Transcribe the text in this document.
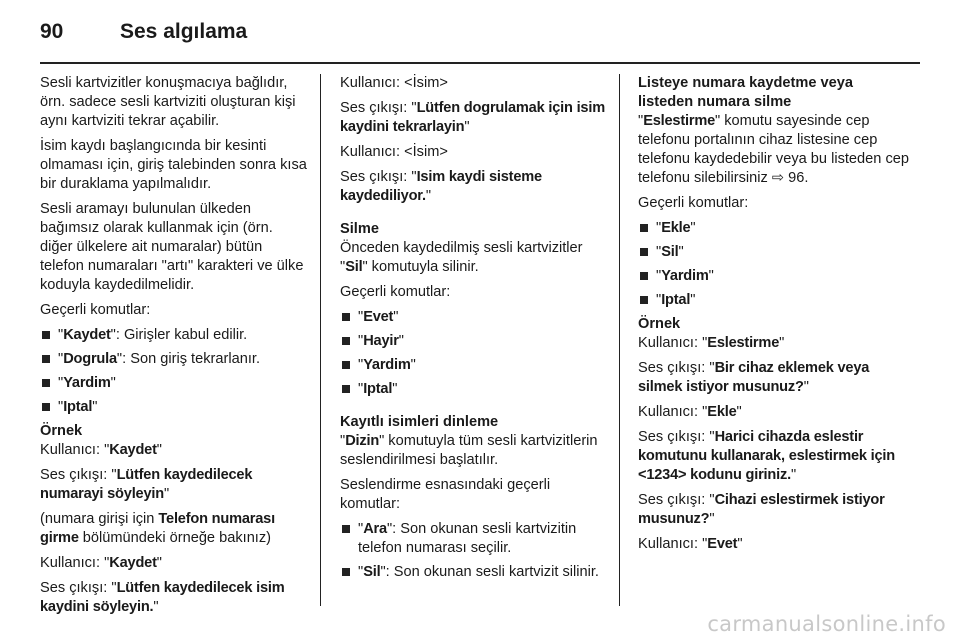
90	Ses algılama

Sesli kartvizitler konuşmacıya bağlıdır, örn. sadece sesli kartviziti oluşturan kişi aynı kartviziti tekrar açabilir.

İsim kaydı başlangıcında bir kesinti olmaması için, giriş talebinden sonra kısa bir duraklama yapılmalıdır.

Sesli aramayı bulunulan ülkeden bağımsız olarak kullanmak için (örn. diğer ülkelere ait numaralar) bütün telefon numaraları "artı" karakteri ve ülke koduyla kaydedilmelidir.

Geçerli komutlar:

"Kaydet": Girişler kabul edilir.
"Dogrula": Son giriş tekrarlanır.
"Yardim"
"Iptal"

Örnek

Kullanıcı: "Kaydet"

Ses çıkışı: "Lütfen kaydedilecek numarayi söyleyin"

(numara girişi için Telefon numarası girme bölümündeki örneğe bakınız)

Kullanıcı: "Kaydet"

Ses çıkışı: "Lütfen kaydedilecek isim kaydini söyleyin."

Kullanıcı: <İsim>

Ses çıkışı: "Lütfen dogrulamak için isim kaydini tekrarlayin"

Kullanıcı: <İsim>

Ses çıkışı: "Isim kaydi sisteme kaydediliyor."

Silme

Önceden kaydedilmiş sesli kartvizitler "Sil" komutuyla silinir.

Geçerli komutlar:

"Evet"
"Hayir"
"Yardim"
"Iptal"

Kayıtlı isimleri dinleme

"Dizin" komutuyla tüm sesli kartvizitlerin seslendirilmesi başlatılır.

Seslendirme esnasındaki geçerli komutlar:

"Ara": Son okunan sesli kartvizitin telefon numarası seçilir.
"Sil": Son okunan sesli kartvizit silinir.

Listeye numara kaydetme veya listeden numara silme

"Eslestirme" komutu sayesinde cep telefonu portalının cihaz listesine cep telefonu kaydedebilir veya bu listeden cep telefonu silebilirsiniz ⇨ 96.

Geçerli komutlar:

"Ekle"
"Sil"
"Yardim"
"Iptal"

Örnek

Kullanıcı: "Eslestirme"

Ses çıkışı: "Bir cihaz eklemek veya silmek istiyor musunuz?"

Kullanıcı: "Ekle"

Ses çıkışı: "Harici cihazda eslestir komutunu kullanarak, eslestirmek için <1234> kodunu giriniz."

Ses çıkışı: "Cihazi eslestirmek istiyor musunuz?"

Kullanıcı: "Evet"

carmanualsonline.info
